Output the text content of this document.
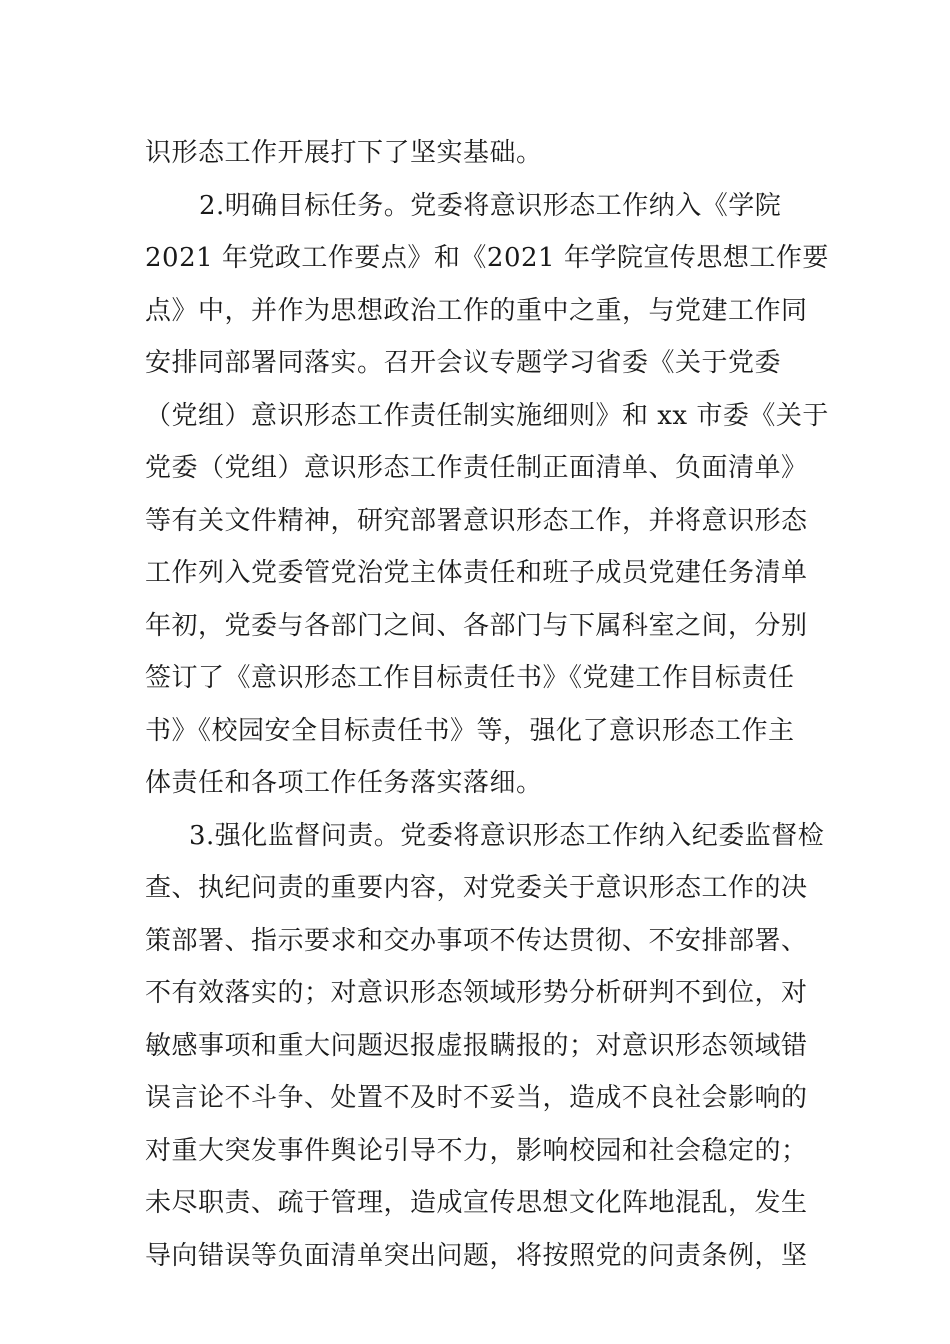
识形态工作开展打下了坚实基础。
2.明确目标任务。党委将意识形态工作纳入《学院
2021 年党政工作要点》和《2021 年学院宣传思想工作要
点》中，并作为思想政治工作的重中之重，与党建工作同
安排同部署同落实。召开会议专题学习省委《关于党委
（党组）意识形态工作责任制实施细则》和 xx 市委《关于
党委（党组）意识形态工作责任制正面清单、负面清单》
等有关文件精神，研究部署意识形态工作，并将意识形态
工作列入党委管党治党主体责任和班子成员党建任务清单
年初，党委与各部门之间、各部门与下属科室之间，分别
签订了《意识形态工作目标责任书》《党建工作目标责任
书》《校园安全目标责任书》等，强化了意识形态工作主
体责任和各项工作任务落实落细。
3.强化监督问责。党委将意识形态工作纳入纪委监督检
查、执纪问责的重要内容，对党委关于意识形态工作的决
策部署、指示要求和交办事项不传达贯彻、不安排部署、
不有效落实的；对意识形态领域形势分析研判不到位，对
敏感事项和重大问题迟报虚报瞒报的；对意识形态领域错
误言论不斗争、处置不及时不妥当，造成不良社会影响的
对重大突发事件舆论引导不力，影响校园和社会稳定的；
未尽职责、疏于管理，造成宣传思想文化阵地混乱，发生
导向错误等负面清单突出问题，将按照党的问责条例，坚
